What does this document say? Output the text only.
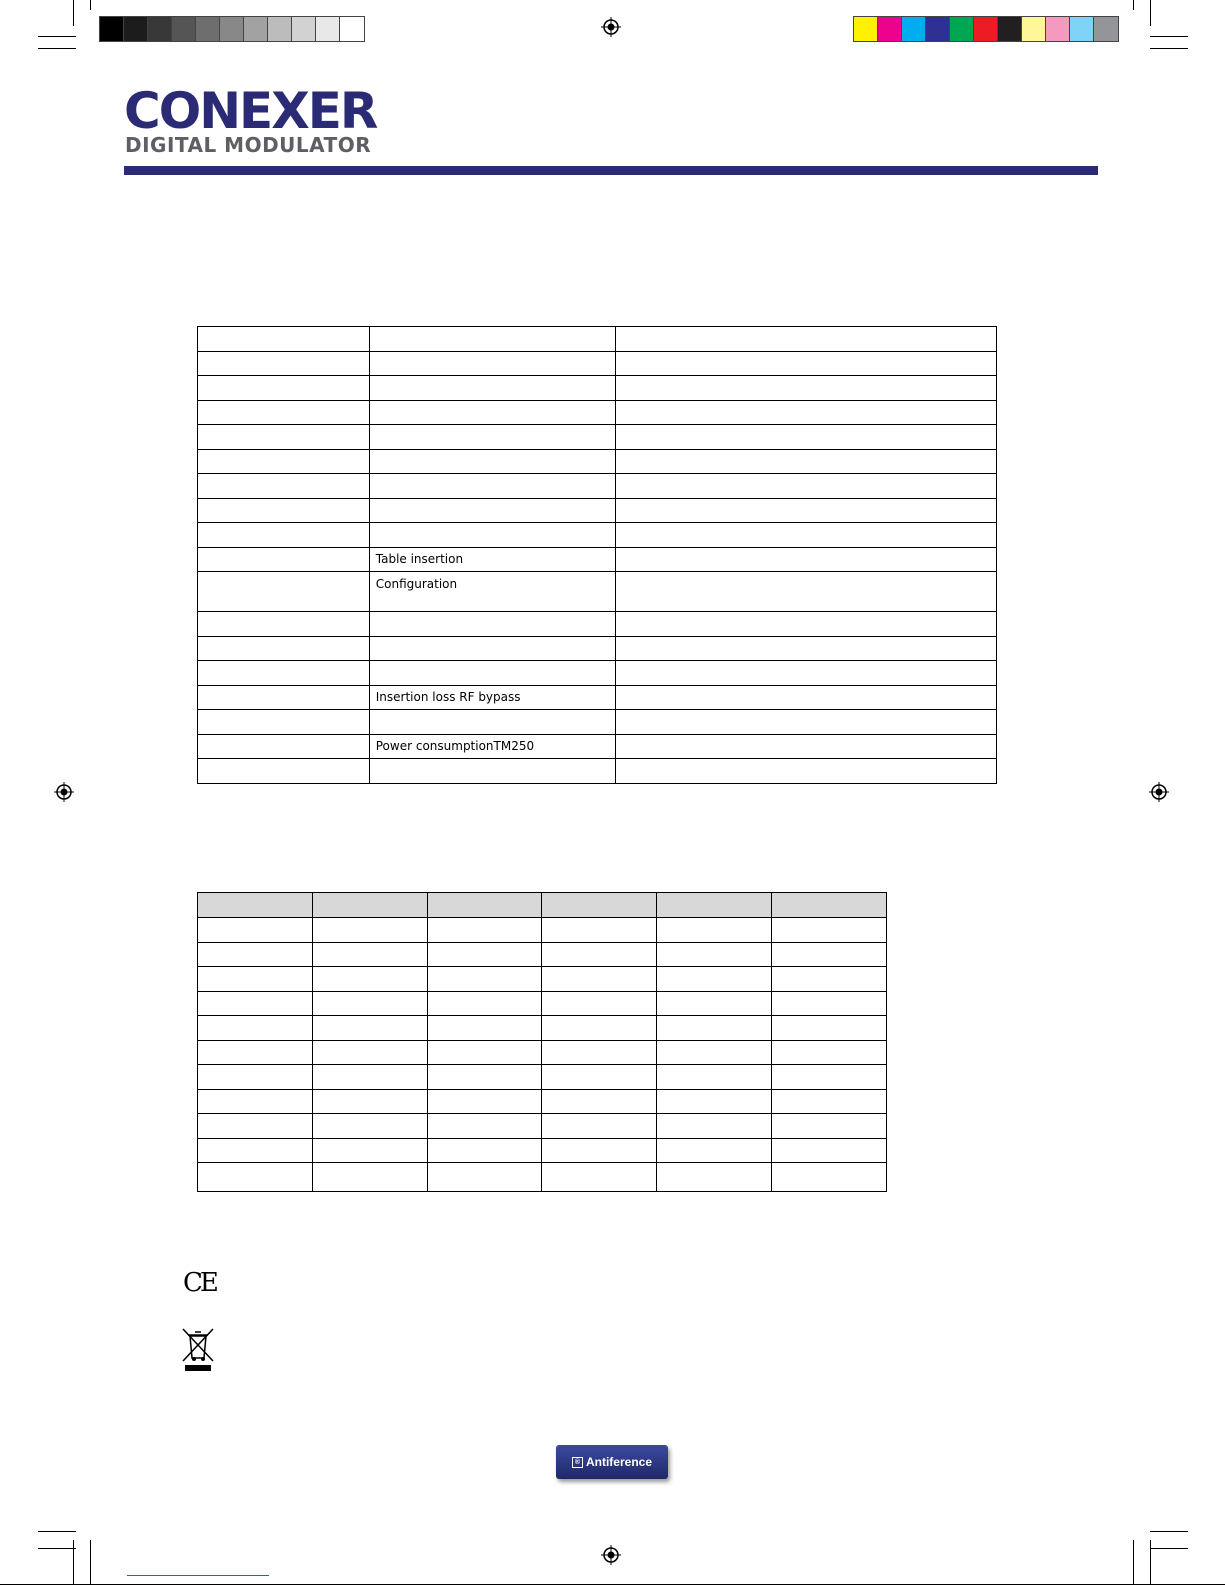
CONEXER
DIGITAL MODULATOR

	Table insertion	
	Configuration	

	Insertion loss RF bypass	

	Power consumptionTM250	

CE
® Antiference
